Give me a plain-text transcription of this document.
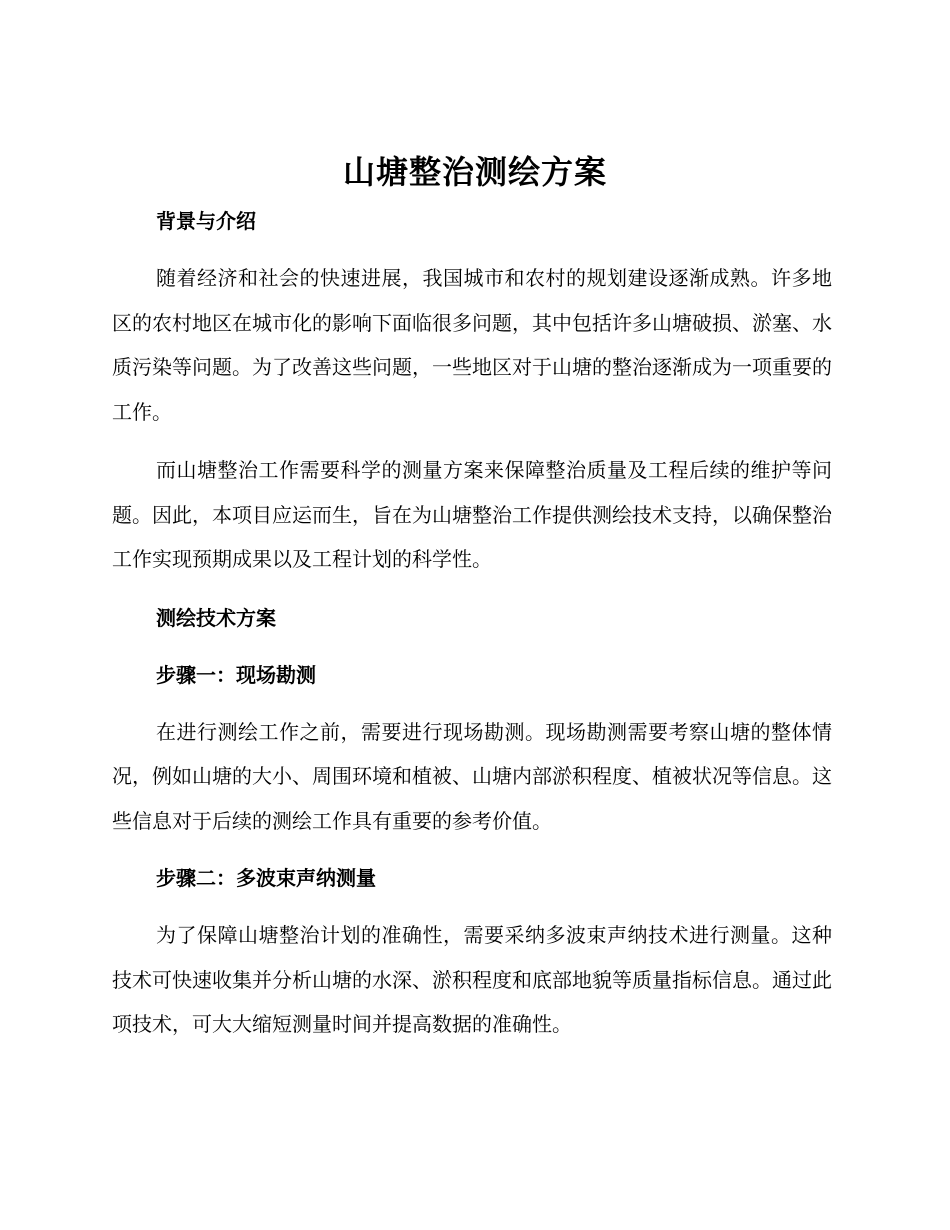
山塘整治测绘方案

背景与介绍

随着经济和社会的快速进展，我国城市和农村的规划建设逐渐成熟。许多地区的农村地区在城市化的影响下面临很多问题，其中包括许多山塘破损、淤塞、水质污染等问题。为了改善这些问题，一些地区对于山塘的整治逐渐成为一项重要的工作。

而山塘整治工作需要科学的测量方案来保障整治质量及工程后续的维护等问题。因此，本项目应运而生，旨在为山塘整治工作提供测绘技术支持，以确保整治工作实现预期成果以及工程计划的科学性。

测绘技术方案

步骤一：现场勘测

在进行测绘工作之前，需要进行现场勘测。现场勘测需要考察山塘的整体情况，例如山塘的大小、周围环境和植被、山塘内部淤积程度、植被状况等信息。这些信息对于后续的测绘工作具有重要的参考价值。

步骤二：多波束声纳测量

为了保障山塘整治计划的准确性，需要采纳多波束声纳技术进行测量。这种技术可快速收集并分析山塘的水深、淤积程度和底部地貌等质量指标信息。通过此项技术，可大大缩短测量时间并提高数据的准确性。
